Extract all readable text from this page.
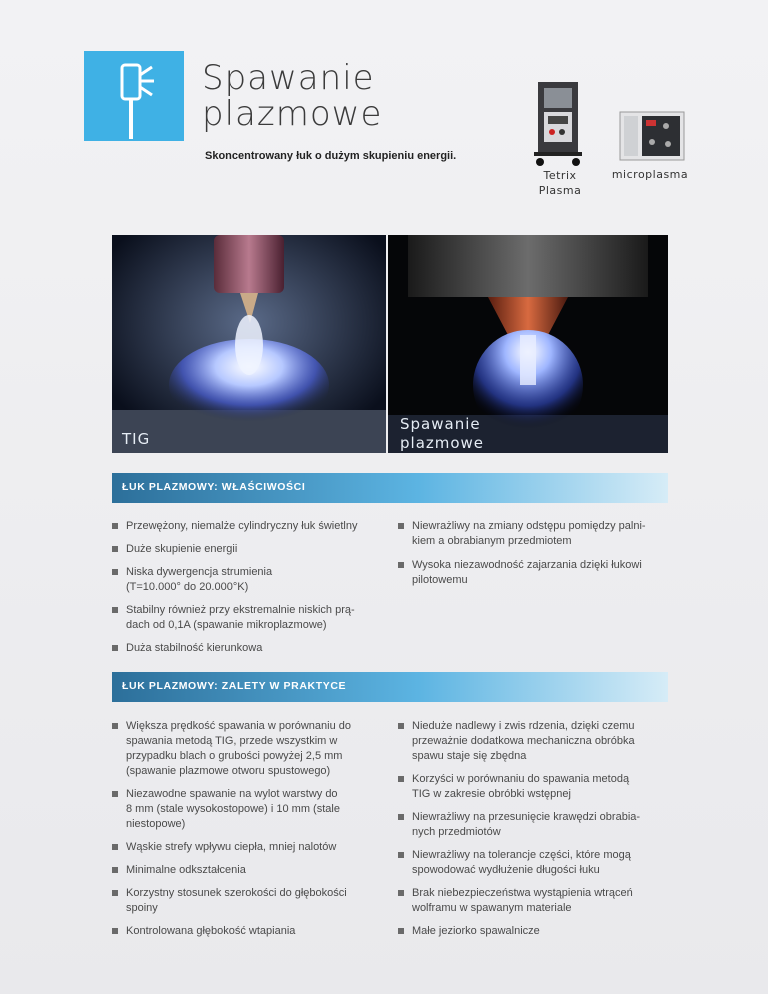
Spawanie
plazmowe
Skoncentrowany łuk o dużym skupieniu energii.
Tetrix
Plasma
microplasma
TIG
Spawanie
plazmowe
ŁUK PLAZMOWY: WŁAŚCIWOŚCI
Przewężony, niemalże cylindryczny łuk świetlny
Duże skupienie energii
Niska dywergencja strumienia
(T=10.000° do 20.000°K)
Stabilny również przy ekstremalnie niskich prą-
dach od 0,1A (spawanie mikroplazmowe)
Duża stabilność kierunkowa
Niewrażliwy na zmiany odstępu pomiędzy palni-
kiem a obrabianym przedmiotem
Wysoka niezawodność zajarzania dzięki łukowi
pilotowemu
ŁUK PLAZMOWY: ZALETY W PRAKTYCE
Większa prędkość spawania w porównaniu do
spawania metodą TIG, przede wszystkim w
przypadku blach o grubości powyżej 2,5 mm
(spawanie plazmowe otworu spustowego)
Niezawodne spawanie na wylot warstwy do
8 mm (stale wysokostopowe) i 10 mm (stale
niestopowe)
Wąskie strefy wpływu ciepła, mniej nalotów
Minimalne odkształcenia
Korzystny stosunek szerokości do głębokości
spoiny
Kontrolowana głębokość wtapiania
Nieduże nadlewy i zwis rdzenia, dzięki czemu
przeważnie dodatkowa mechaniczna obróbka
spawu staje się zbędna
Korzyści w porównaniu do spawania metodą
TIG w zakresie obróbki wstępnej
Niewrażliwy na przesunięcie krawędzi obrabia-
nych przedmiotów
Niewrażliwy na tolerancje części, które mogą
spowodować wydłużenie długości łuku
Brak niebezpieczeństwa wystąpienia wtrąceń
wolframu w spawanym materiale
Małe jeziorko spawalnicze
